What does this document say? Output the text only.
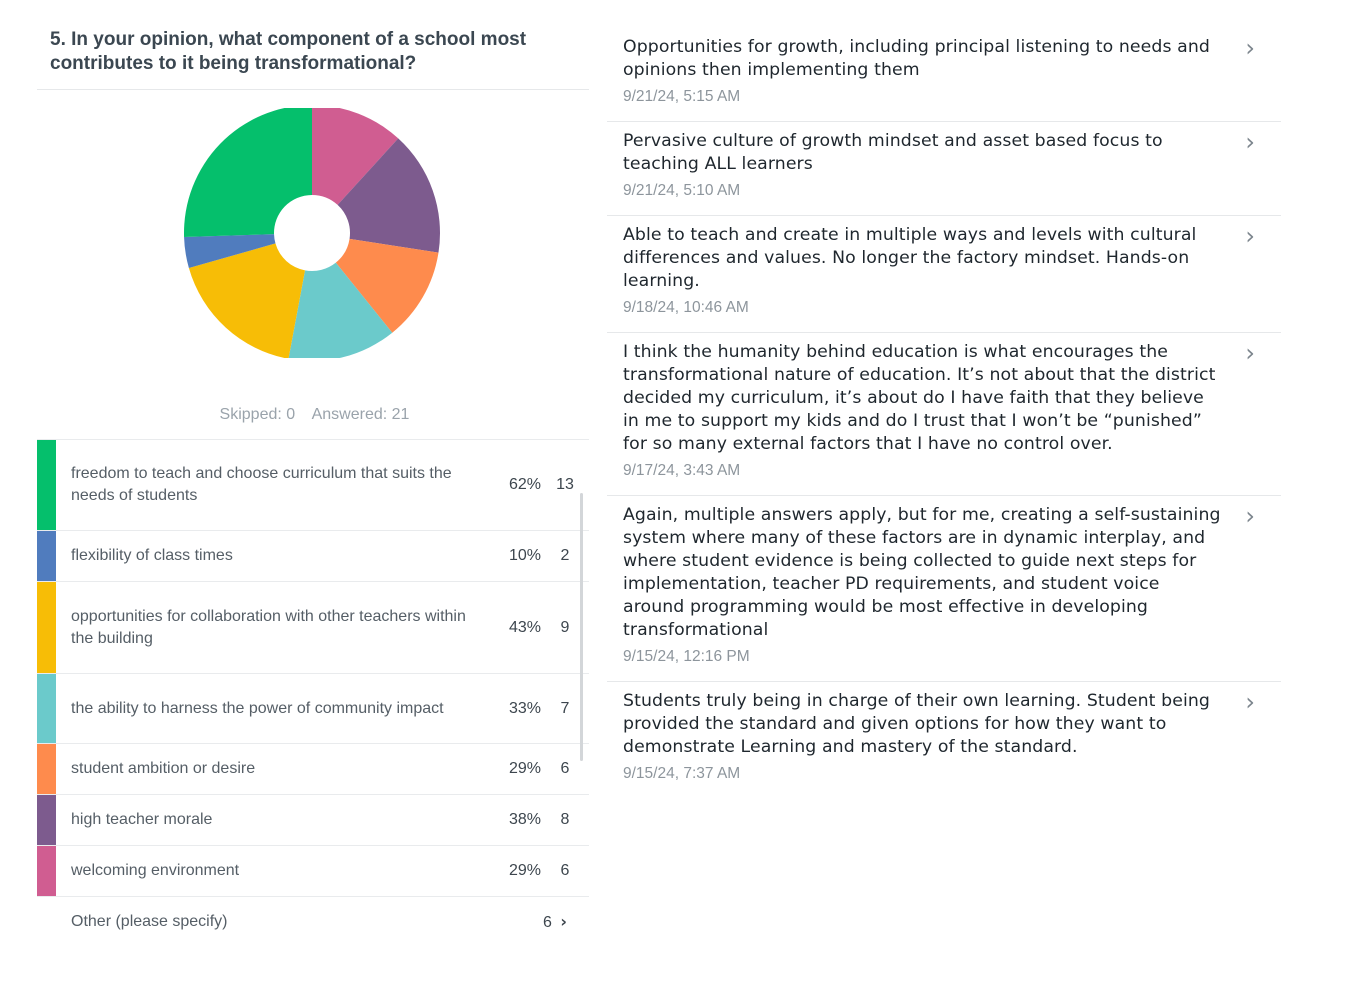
5. In your opinion, what component of a school most contributes to it being transformational?
Skipped: 0 Answered: 21
freedom to teach and choose curriculum that suits the needs of students
62% 13
flexibility of class times	10%	2
opportunities for collaboration with other teachers within the building
43%	9
the ability to harness the power of community impact	33%	7
student ambition or desire	29%	6
high teacher morale	38%	8
welcoming environment	29%	6
Other (please specify)	6 ›
Opportunities for growth, including principal listening to needs and opinions then implementing them
9/21/24, 5:15 AM
›
Pervasive culture of growth mindset and asset based focus to teaching ALL learners
9/21/24, 5:10 AM
›
Able to teach and create in multiple ways and levels with cultural differences and values. No longer the factory mindset. Hands-on learning.
9/18/24, 10:46 AM
›
I think the humanity behind education is what encourages the transformational nature of education. It’s not about that the district decided my curriculum, it’s about do I have faith that they believe in me to support my kids and do I trust that I won’t be “punished” for so many external factors that I have no control over.
9/17/24, 3:43 AM
›
Again, multiple answers apply, but for me, creating a self-sustaining system where many of these factors are in dynamic interplay, and where student evidence is being collected to guide next steps for implementation, teacher PD requirements, and student voice around programming would be most effective in developing transformational
9/15/24, 12:16 PM
›
Students truly being in charge of their own learning. Student being provided the standard and given options for how they want to demonstrate Learning and mastery of the standard.
9/15/24, 7:37 AM
›
